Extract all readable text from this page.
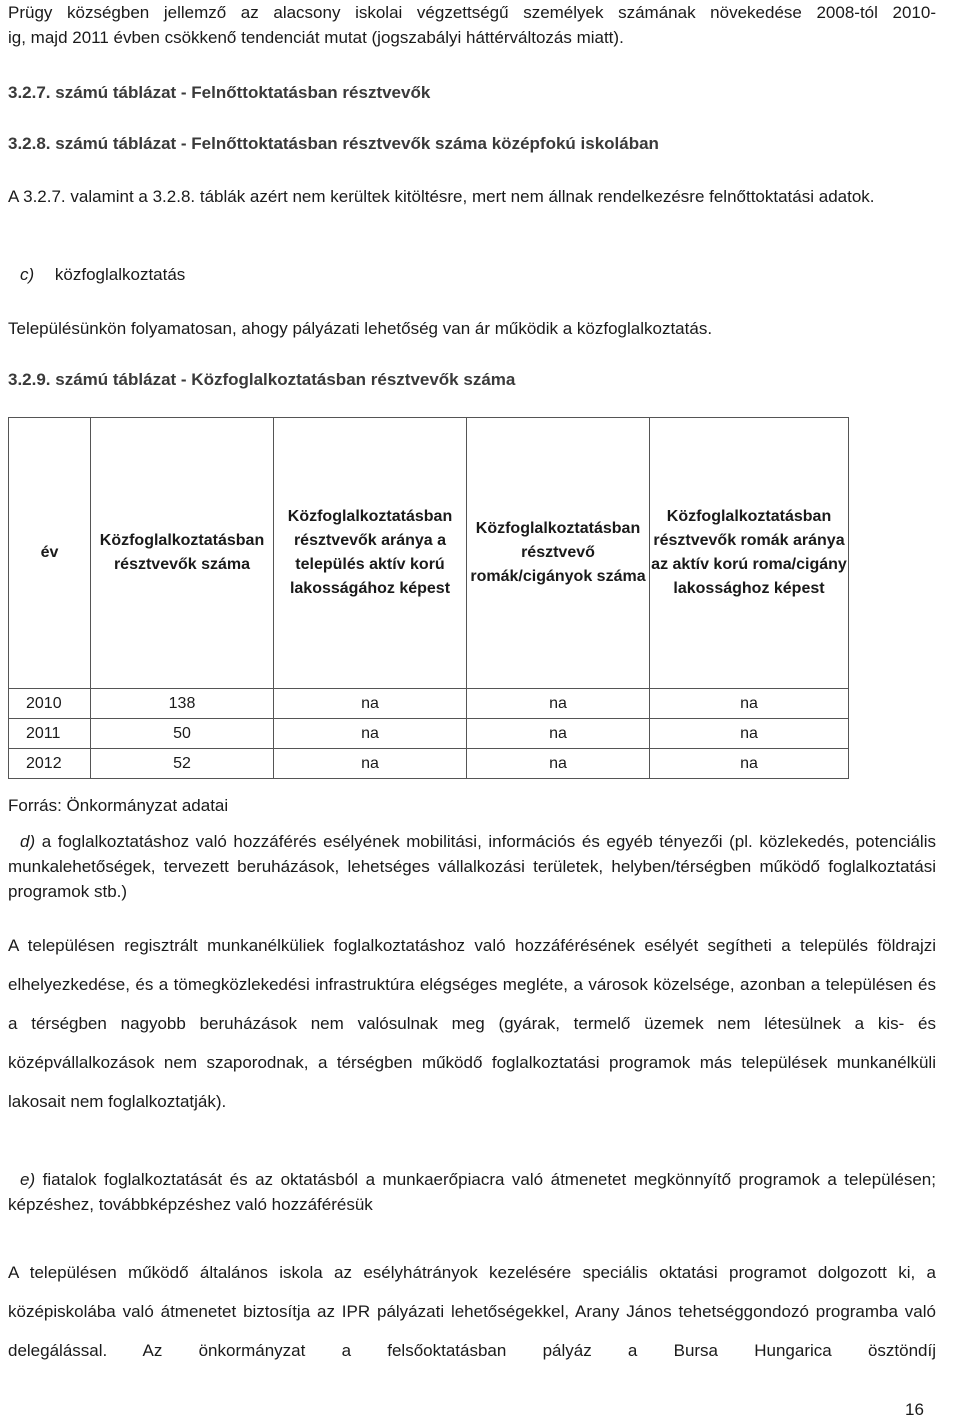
Prügy községben jellemző az alacsony iskolai végzettségű személyek számának növekedése 2008-tól 2010-

ig, majd 2011 évben csökkenő tendenciát mutat (jogszabályi háttérváltozás miatt).

3.2.7. számú táblázat - Felnőttoktatásban résztvevők

3.2.8. számú táblázat - Felnőttoktatásban résztvevők száma középfokú iskolában

A 3.2.7. valamint a 3.2.8. táblák azért nem kerültek kitöltésre, mert nem állnak rendelkezésre felnőttoktatási adatok.

c) közfoglalkoztatás

Településünkön folyamatosan, ahogy pályázati lehetőség van ár működik a közfoglalkoztatás.

3.2.9. számú táblázat - Közfoglalkoztatásban résztvevők száma

év	Közfoglalkoztatásban résztvevők száma	Közfoglalkoztatásban résztvevők aránya a település aktív korú lakosságához képest	Közfoglalkoztatásban résztvevő romák/cigányok száma	Közfoglalkoztatásban résztvevők romák aránya az aktív korú roma/cigány lakossághoz képest
2010	138	na	na	na
2011	50	na	na	na
2012	52	na	na	na

Forrás: Önkormányzat adatai

d) a foglalkoztatáshoz való hozzáférés esélyének mobilitási, információs és egyéb tényezői (pl. közlekedés, potenciális munkalehetőségek, tervezett beruházások, lehetséges vállalkozási területek, helyben/térségben működő foglalkoztatási programok stb.)

A településen regisztrált munkanélküliek foglalkoztatáshoz való hozzáférésének esélyét segítheti a település földrajzi elhelyezkedése, és a tömegközlekedési infrastruktúra elégséges megléte, a városok közelsége, azonban a településen és a térségben nagyobb beruházások nem valósulnak meg (gyárak, termelő üzemek nem létesülnek a kis- és középvállalkozások nem szaporodnak, a térségben működő foglalkoztatási programok más települések munkanélküli lakosait nem foglalkoztatják).

e) fiatalok foglalkoztatását és az oktatásból a munkaerőpiacra való átmenetet megkönnyítő programok a településen; képzéshez, továbbképzéshez való hozzáférésük

A településen működő általános iskola az esélyhátrányok kezelésére speciális oktatási programot dolgozott ki, a középiskolába való átmenetet biztosítja az IPR pályázati lehetőségekkel, Arany János tehetséggondozó programba való delegálással. Az önkormányzat a felsőoktatásban pályáz a Bursa Hungarica ösztöndíj

16
